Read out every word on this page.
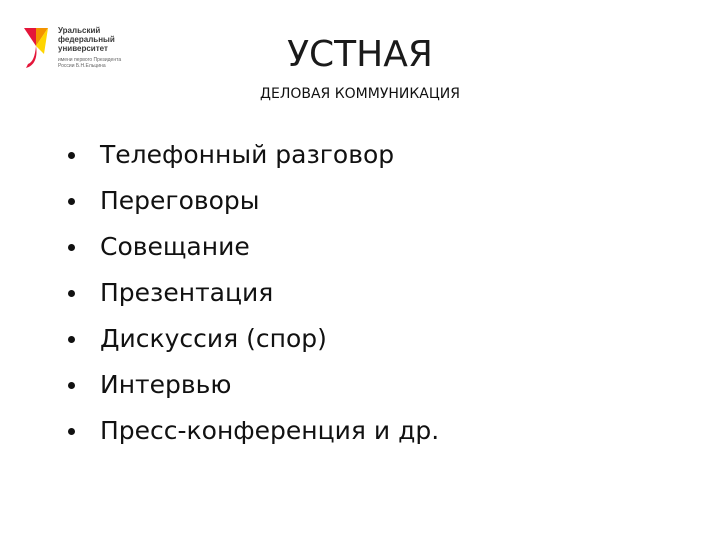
Уральский
федеральный
университет
имени первого Президента
России Б.Н.Ельцина	УСТНАЯ
ДЕЛОВАЯ КОММУНИКАЦИЯ
Телефонный разговор
Переговоры
Совещание
Презентация
Дискуссия (спор)
Интервью
Пресс-конференция и др.
